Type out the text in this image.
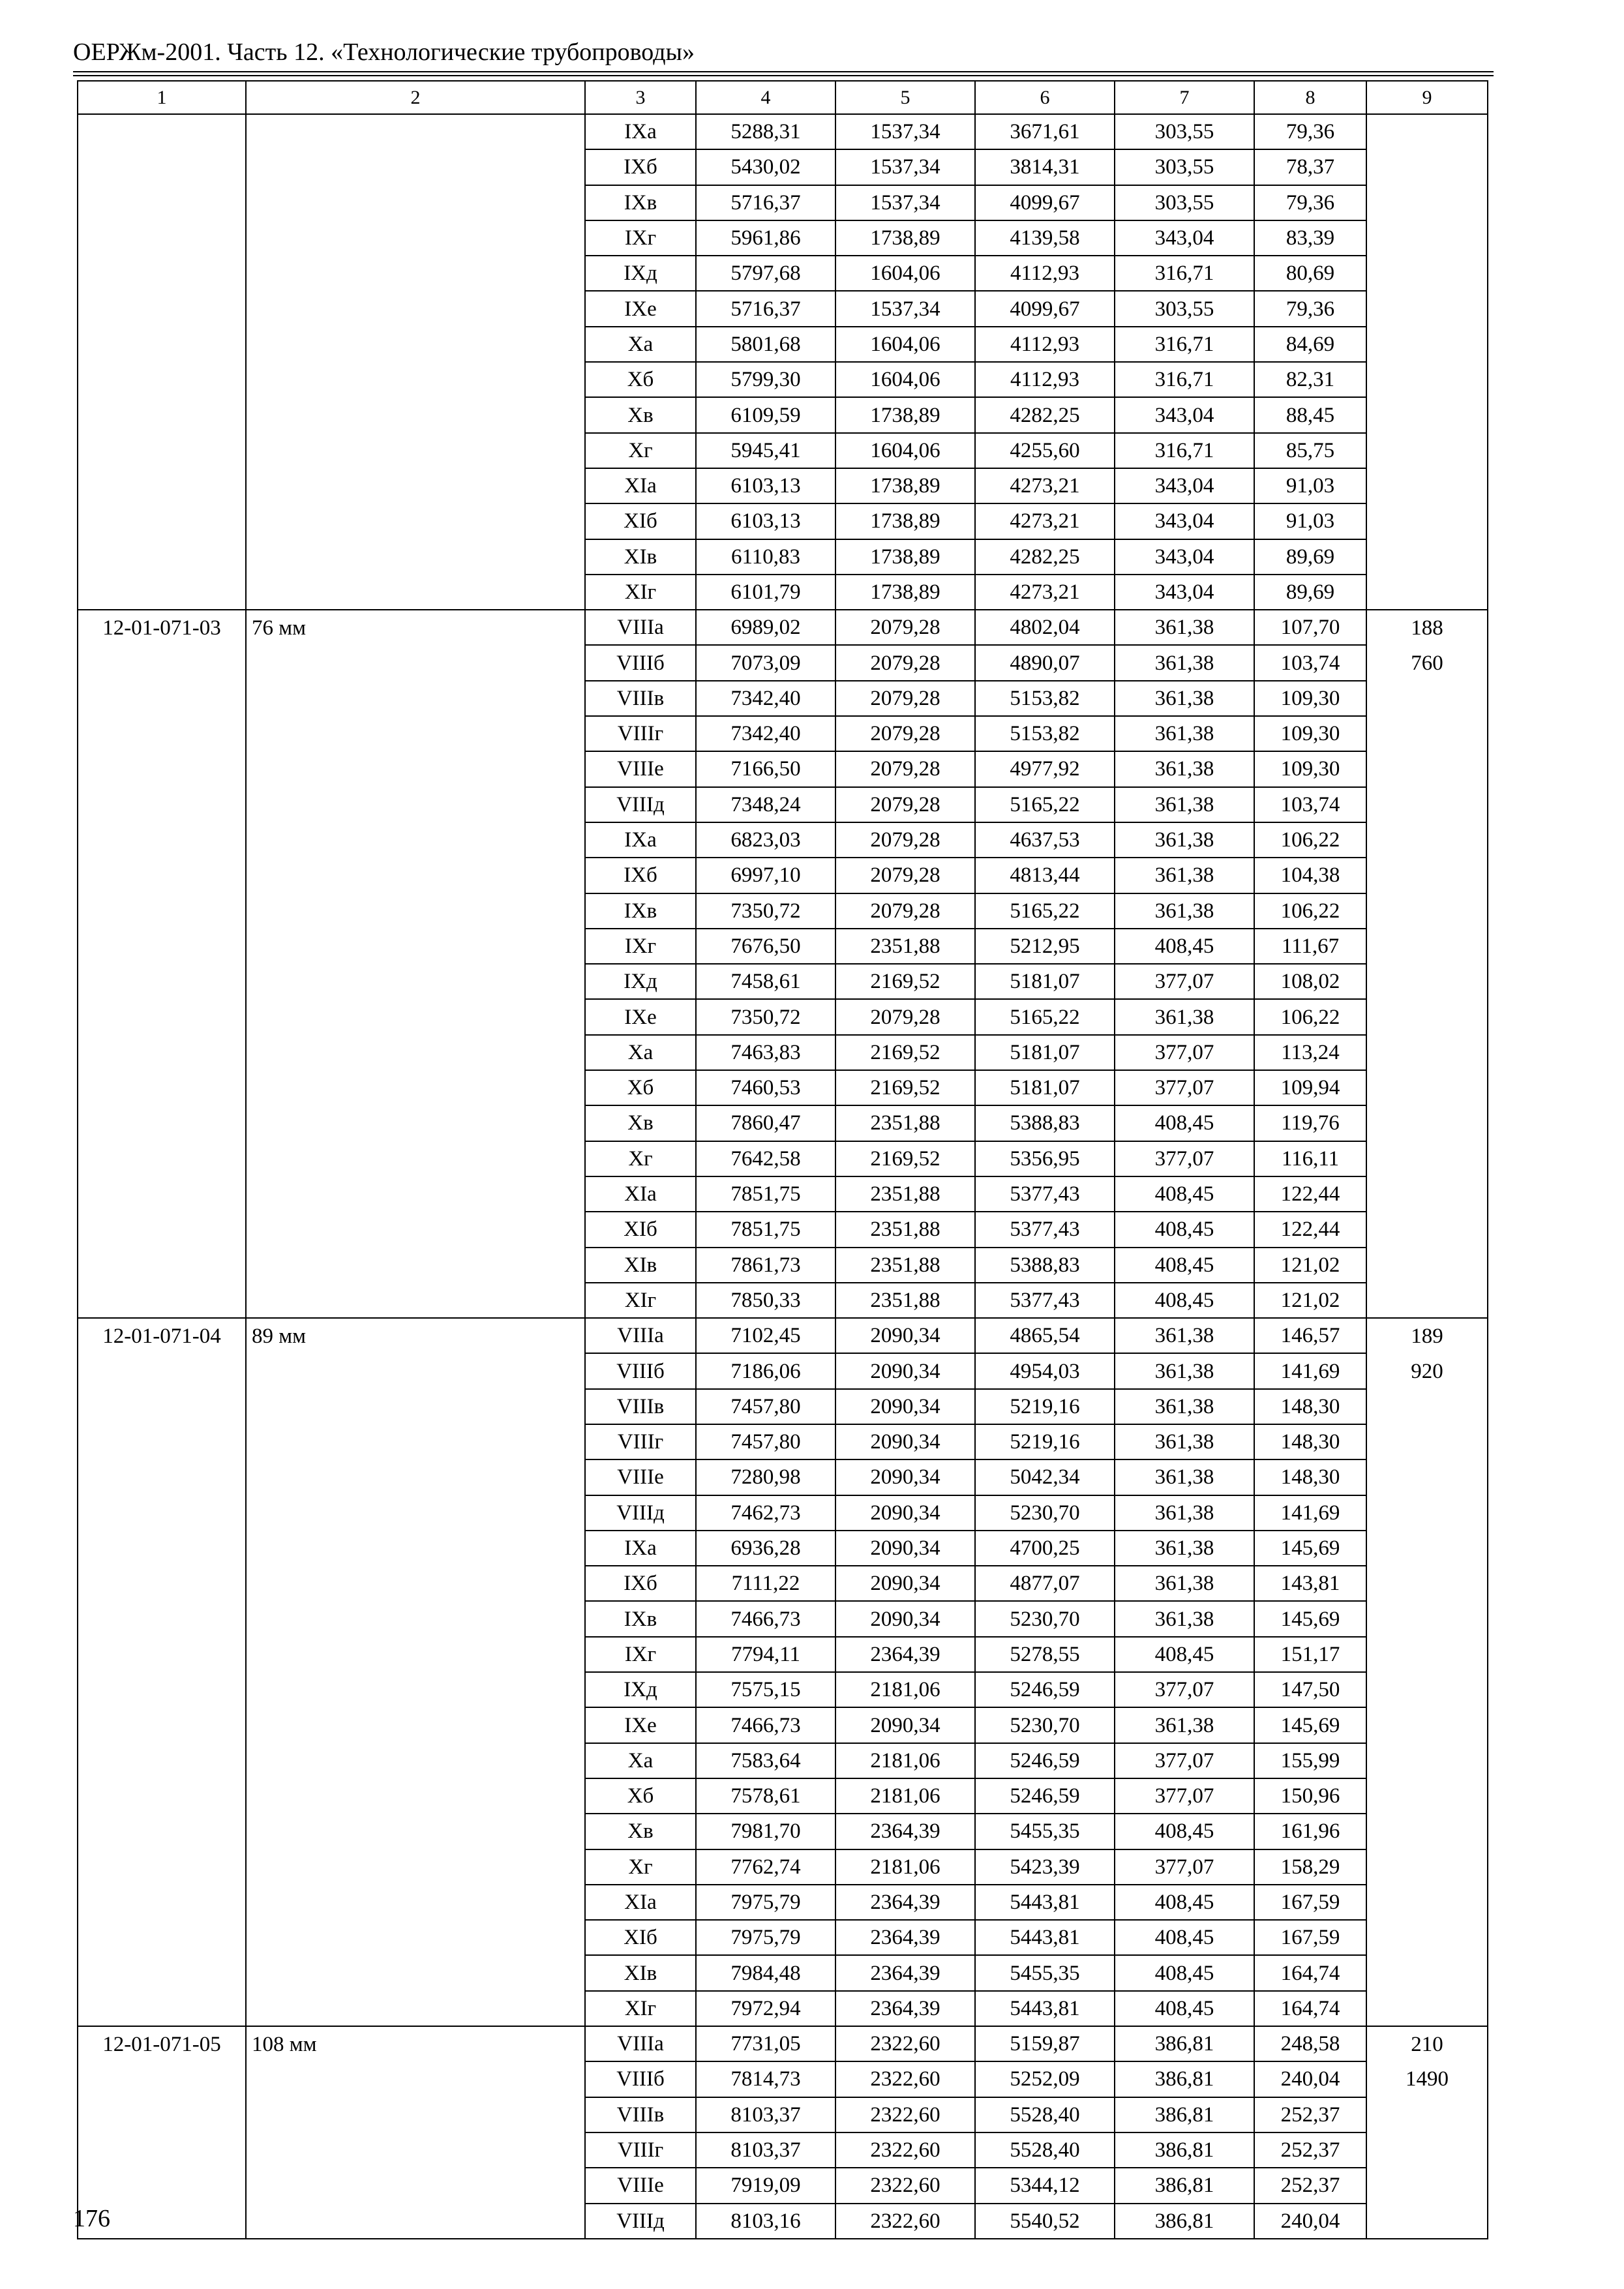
ОЕРЖм-2001. Часть 12. «Технологические трубопроводы»
1	2	3	4	5	6	7	8	9
		IXа	5288,31	1537,34	3671,61	303,55	79,36	
		IXб	5430,02	1537,34	3814,31	303,55	78,37	
		IXв	5716,37	1537,34	4099,67	303,55	79,36	
		IXг	5961,86	1738,89	4139,58	343,04	83,39	
		IXд	5797,68	1604,06	4112,93	316,71	80,69	
		IXе	5716,37	1537,34	4099,67	303,55	79,36	
		Xа	5801,68	1604,06	4112,93	316,71	84,69	
		Xб	5799,30	1604,06	4112,93	316,71	82,31	
		Xв	6109,59	1738,89	4282,25	343,04	88,45	
		Xг	5945,41	1604,06	4255,60	316,71	85,75	
		XIа	6103,13	1738,89	4273,21	343,04	91,03	
		XIб	6103,13	1738,89	4273,21	343,04	91,03	
		XIв	6110,83	1738,89	4282,25	343,04	89,69	
		XIг	6101,79	1738,89	4273,21	343,04	89,69	
12-01-071-03	76 мм	VIIIа	6989,02	2079,28	4802,04	361,38	107,70	188
		VIIIб	7073,09	2079,28	4890,07	361,38	103,74	760
		VIIIв	7342,40	2079,28	5153,82	361,38	109,30	
		VIIIг	7342,40	2079,28	5153,82	361,38	109,30	
		VIIIе	7166,50	2079,28	4977,92	361,38	109,30	
		VIIIд	7348,24	2079,28	5165,22	361,38	103,74	
		IXа	6823,03	2079,28	4637,53	361,38	106,22	
		IXб	6997,10	2079,28	4813,44	361,38	104,38	
		IXв	7350,72	2079,28	5165,22	361,38	106,22	
		IXг	7676,50	2351,88	5212,95	408,45	111,67	
		IXд	7458,61	2169,52	5181,07	377,07	108,02	
		IXе	7350,72	2079,28	5165,22	361,38	106,22	
		Xа	7463,83	2169,52	5181,07	377,07	113,24	
		Xб	7460,53	2169,52	5181,07	377,07	109,94	
		Xв	7860,47	2351,88	5388,83	408,45	119,76	
		Xг	7642,58	2169,52	5356,95	377,07	116,11	
		XIа	7851,75	2351,88	5377,43	408,45	122,44	
		XIб	7851,75	2351,88	5377,43	408,45	122,44	
		XIв	7861,73	2351,88	5388,83	408,45	121,02	
		XIг	7850,33	2351,88	5377,43	408,45	121,02	
12-01-071-04	89 мм	VIIIа	7102,45	2090,34	4865,54	361,38	146,57	189
		VIIIб	7186,06	2090,34	4954,03	361,38	141,69	920
		VIIIв	7457,80	2090,34	5219,16	361,38	148,30	
		VIIIг	7457,80	2090,34	5219,16	361,38	148,30	
		VIIIе	7280,98	2090,34	5042,34	361,38	148,30	
		VIIIд	7462,73	2090,34	5230,70	361,38	141,69	
		IXа	6936,28	2090,34	4700,25	361,38	145,69	
		IXб	7111,22	2090,34	4877,07	361,38	143,81	
		IXв	7466,73	2090,34	5230,70	361,38	145,69	
		IXг	7794,11	2364,39	5278,55	408,45	151,17	
		IXд	7575,15	2181,06	5246,59	377,07	147,50	
		IXе	7466,73	2090,34	5230,70	361,38	145,69	
		Xа	7583,64	2181,06	5246,59	377,07	155,99	
		Xб	7578,61	2181,06	5246,59	377,07	150,96	
		Xв	7981,70	2364,39	5455,35	408,45	161,96	
		Xг	7762,74	2181,06	5423,39	377,07	158,29	
		XIа	7975,79	2364,39	5443,81	408,45	167,59	
		XIб	7975,79	2364,39	5443,81	408,45	167,59	
		XIв	7984,48	2364,39	5455,35	408,45	164,74	
		XIг	7972,94	2364,39	5443,81	408,45	164,74	
12-01-071-05	108 мм	VIIIа	7731,05	2322,60	5159,87	386,81	248,58	210
		VIIIб	7814,73	2322,60	5252,09	386,81	240,04	1490
		VIIIв	8103,37	2322,60	5528,40	386,81	252,37	
		VIIIг	8103,37	2322,60	5528,40	386,81	252,37	
		VIIIе	7919,09	2322,60	5344,12	386,81	252,37	
		VIIIд	8103,16	2322,60	5540,52	386,81	240,04	
176
